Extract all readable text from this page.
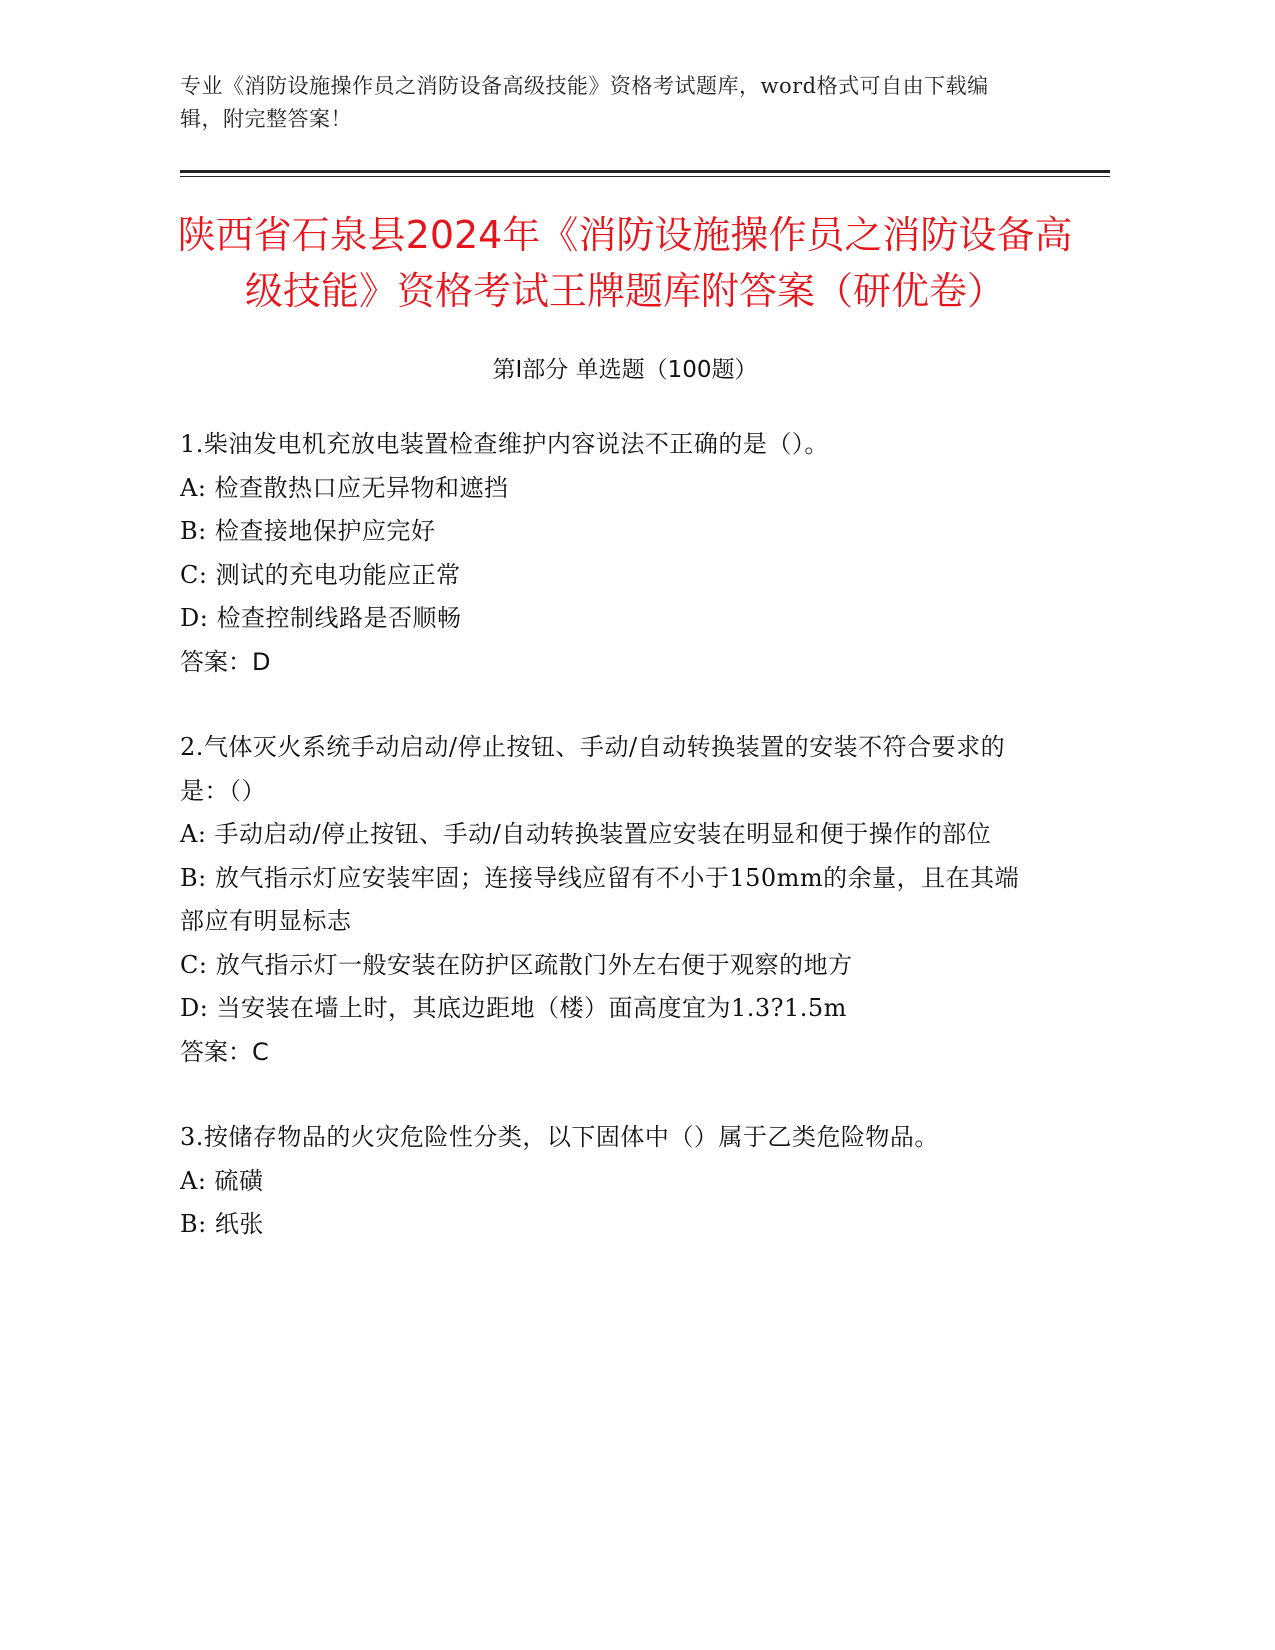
专业《消防设施操作员之消防设备高级技能》资格考试题库，word格式可自由下载编辑，附完整答案！
陕西省石泉县2024年《消防设施操作员之消防设备高级技能》资格考试王牌题库附答案（研优卷）
第Ⅰ部分 单选题（100题）
1.柴油发电机充放电装置检查维护内容说法不正确的是（）。
A: 检查散热口应无异物和遮挡
B: 检查接地保护应完好
C: 测试的充电功能应正常
D: 检查控制线路是否顺畅
答案：D
2.气体灭火系统手动启动/停止按钮、手动/自动转换装置的安装不符合要求的是：（）
A: 手动启动/停止按钮、手动/自动转换装置应安装在明显和便于操作的部位
B: 放气指示灯应安装牢固；连接导线应留有不小于150mm的余量，且在其端部应有明显标志
C: 放气指示灯一般安装在防护区疏散门外左右便于观察的地方
D: 当安装在墙上时，其底边距地（楼）面高度宜为1.3?1.5m
答案：C
3.按储存物品的火灾危险性分类，以下固体中（）属于乙类危险物品。
A: 硫磺
B: 纸张
